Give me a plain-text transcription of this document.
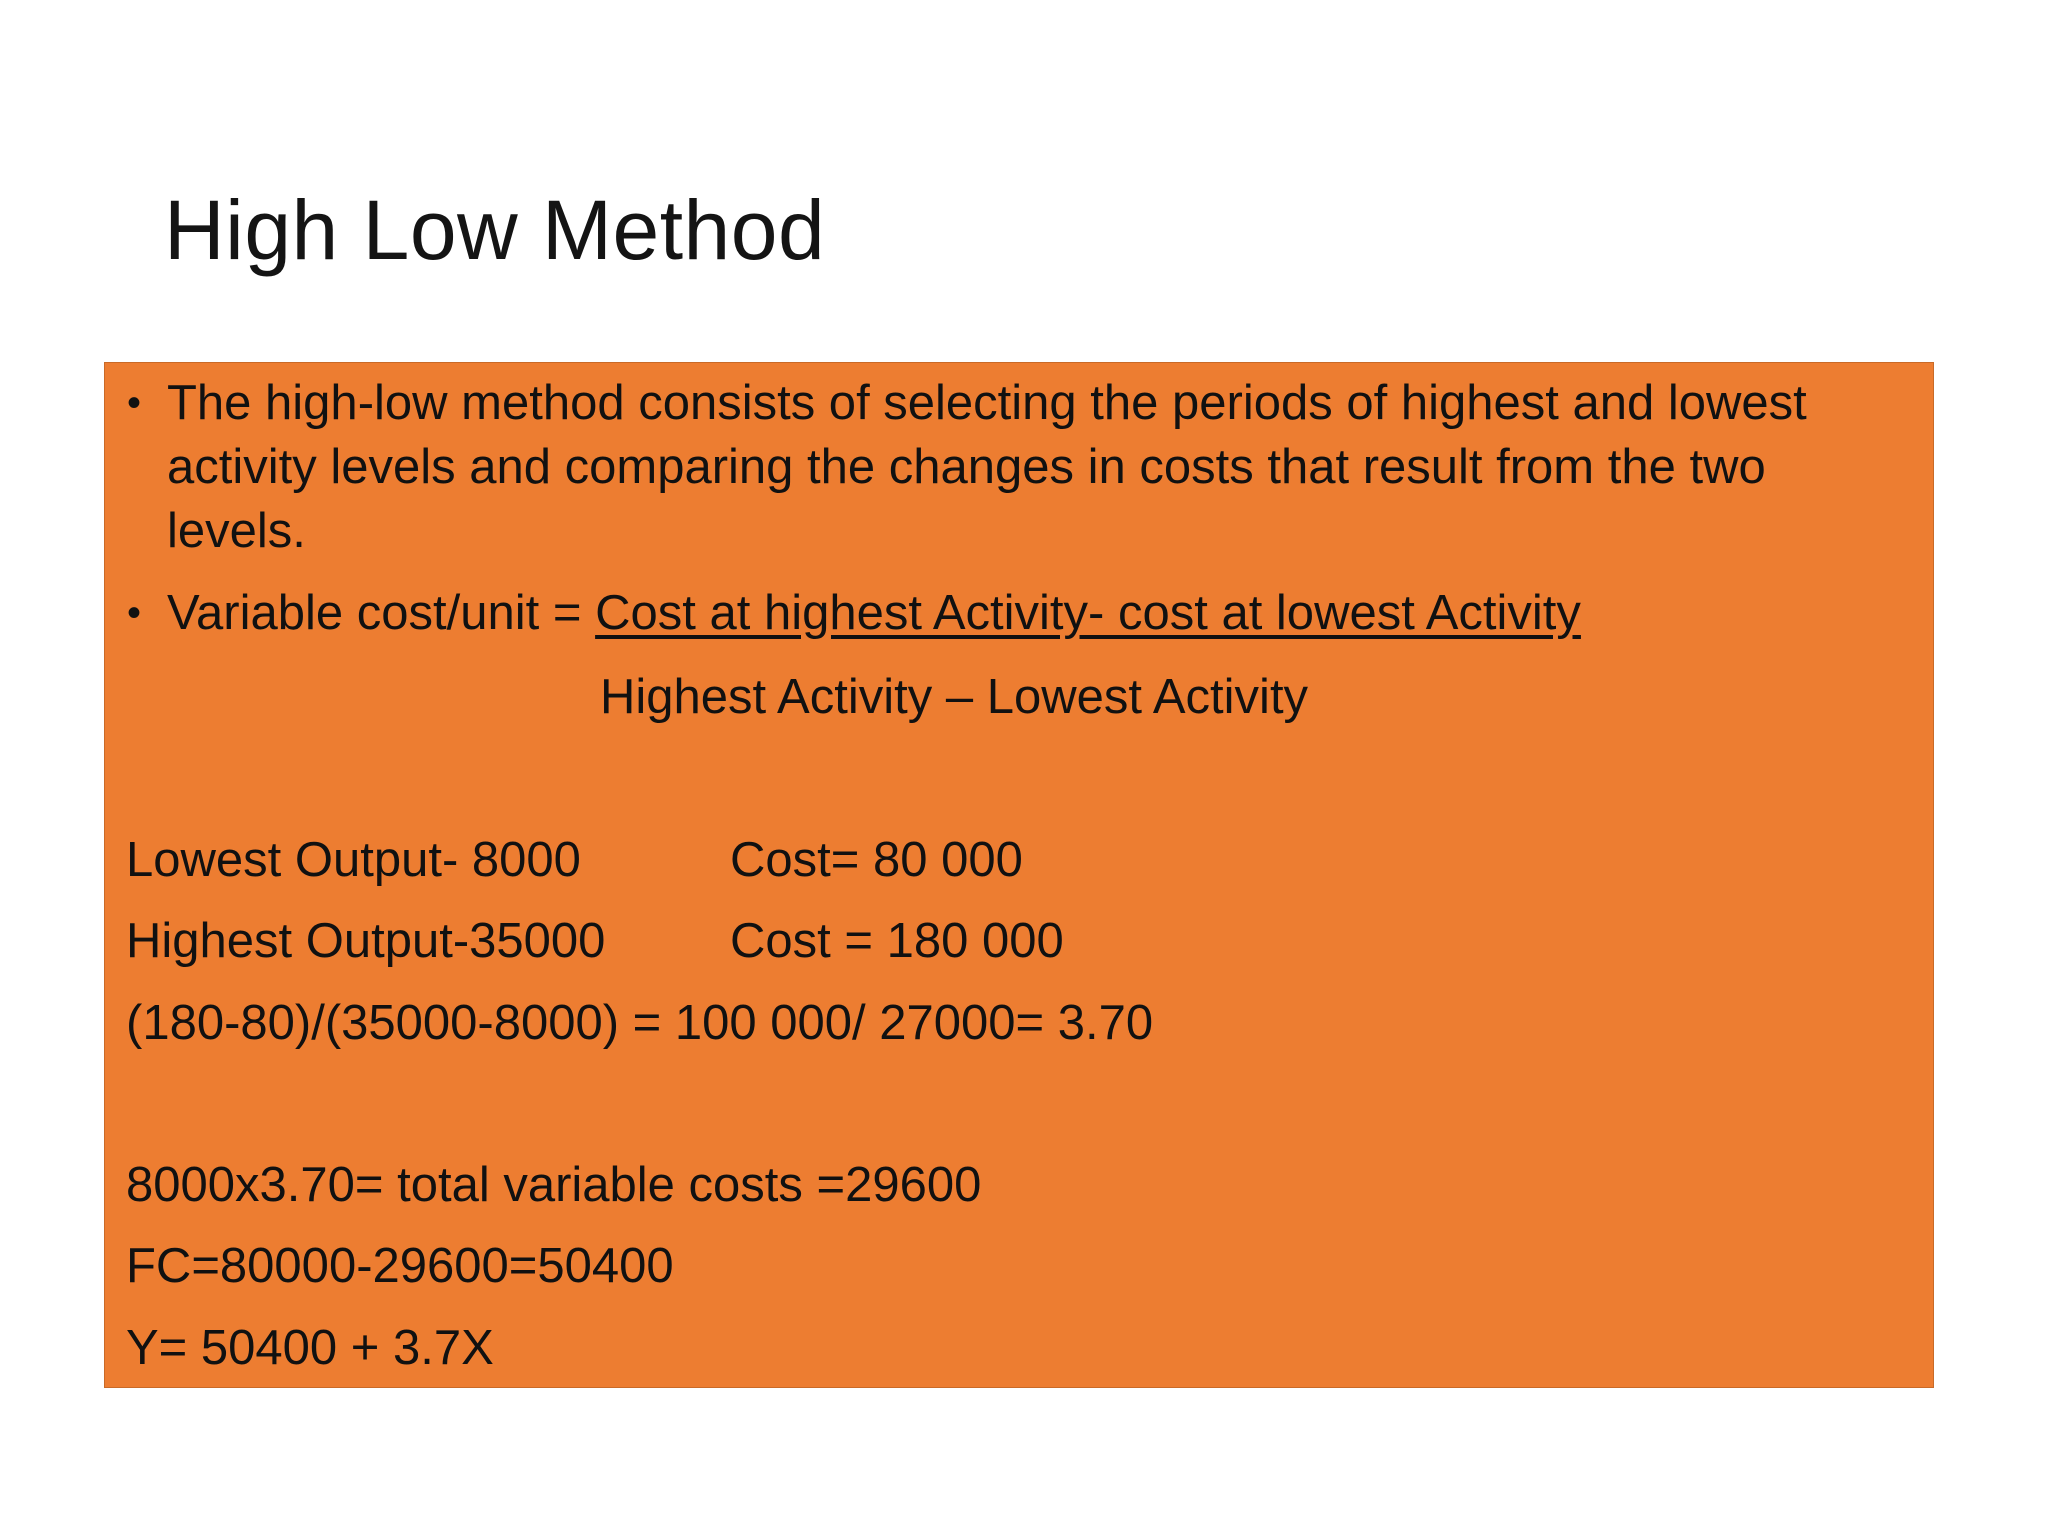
High Low Method
• The high-low method consists of selecting the periods of highest and lowest activity levels and comparing the changes in costs that result from the two levels.
• Variable cost/unit = Cost at highest Activity- cost at lowest Activity
Highest Activity – Lowest Activity
Lowest Output- 8000	Cost= 80 000
Highest Output-35000	Cost = 180 000
(180-80)/(35000-8000) = 100 000/ 27000= 3.70
8000x3.70= total variable costs =29600
FC=80000-29600=50400
Y= 50400 + 3.7X
